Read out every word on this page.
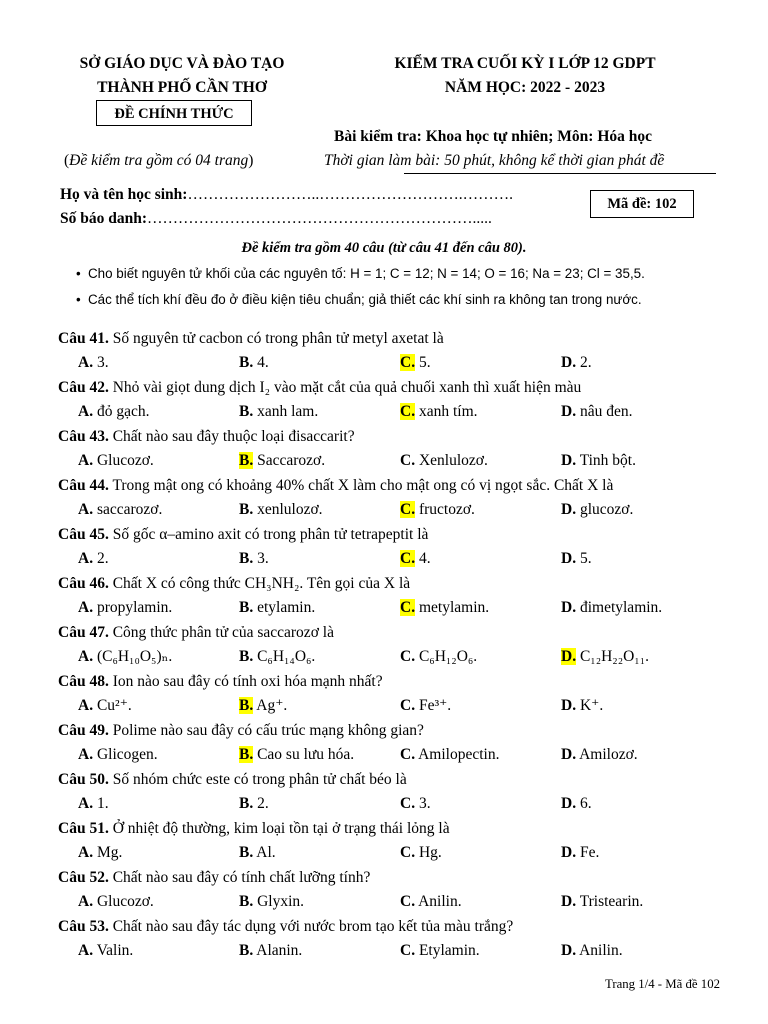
SỞ GIÁO DỤC VÀ ĐÀO TẠO
THÀNH PHỐ CẦN THƠ
ĐỀ CHÍNH THỨC
KIỂM TRA CUỐI KỲ I LỚP 12 GDPT
NĂM HỌC: 2022 - 2023
Bài kiểm tra: Khoa học tự nhiên; Môn: Hóa học
(Đề kiểm tra gồm có 04 trang)	Thời gian làm bài: 50 phút, không kể thời gian phát đề
Họ và tên học sinh:……………………..……………………….……….
Số báo danh:……………………………………………………….....
Mã đề: 102
Đề kiểm tra gồm 40 câu (từ câu 41 đến câu 80).
• Cho biết nguyên tử khối của các nguyên tố: H = 1; C = 12; N = 14; O = 16; Na = 23; Cl = 35,5.
• Các thể tích khí đều đo ở điều kiện tiêu chuẩn; giả thiết các khí sinh ra không tan trong nước.
Câu 41. Số nguyên tử cacbon có trong phân tử metyl axetat là
A. 3.	B. 4.	C. 5.	D. 2.
Câu 42. Nhỏ vài giọt dung dịch I₂ vào mặt cắt của quả chuối xanh thì xuất hiện màu
A. đỏ gạch.	B. xanh lam.	C. xanh tím.	D. nâu đen.
Câu 43. Chất nào sau đây thuộc loại đisaccarit?
A. Glucozơ.	B. Saccarozơ.	C. Xenlulozơ.	D. Tinh bột.
Câu 44. Trong mật ong có khoảng 40% chất X làm cho mật ong có vị ngọt sắc. Chất X là
A. saccarozơ.	B. xenlulozơ.	C. fructozơ.	D. glucozơ.
Câu 45. Số gốc α–amino axit có trong phân tử tetrapeptit là
A. 2.	B. 3.	C. 4.	D. 5.
Câu 46. Chất X có công thức CH₃NH₂. Tên gọi của X là
A. propylamin.	B. etylamin.	C. metylamin.	D. đimetylamin.
Câu 47. Công thức phân tử của saccarozơ là
A. (C₆H₁₀O₅)ₙ.	B. C₆H₁₄O₆.	C. C₆H₁₂O₆.	D. C₁₂H₂₂O₁₁.
Câu 48. Ion nào sau đây có tính oxi hóa mạnh nhất?
A. Cu²⁺.	B. Ag⁺.	C. Fe³⁺.	D. K⁺.
Câu 49. Polime nào sau đây có cấu trúc mạng không gian?
A. Glicogen.	B. Cao su lưu hóa.	C. Amilopectin.	D. Amilozơ.
Câu 50. Số nhóm chức este có trong phân tử chất béo là
A. 1.	B. 2.	C. 3.	D. 6.
Câu 51. Ở nhiệt độ thường, kim loại tồn tại ở trạng thái lỏng là
A. Mg.	B. Al.	C. Hg.	D. Fe.
Câu 52. Chất nào sau đây có tính chất lưỡng tính?
A. Glucozơ.	B. Glyxin.	C. Anilin.	D. Tristearin.
Câu 53. Chất nào sau đây tác dụng với nước brom tạo kết tủa màu trắng?
A. Valin.	B. Alanin.	C. Etylamin.	D. Anilin.
Trang 1/4 - Mã đề 102
